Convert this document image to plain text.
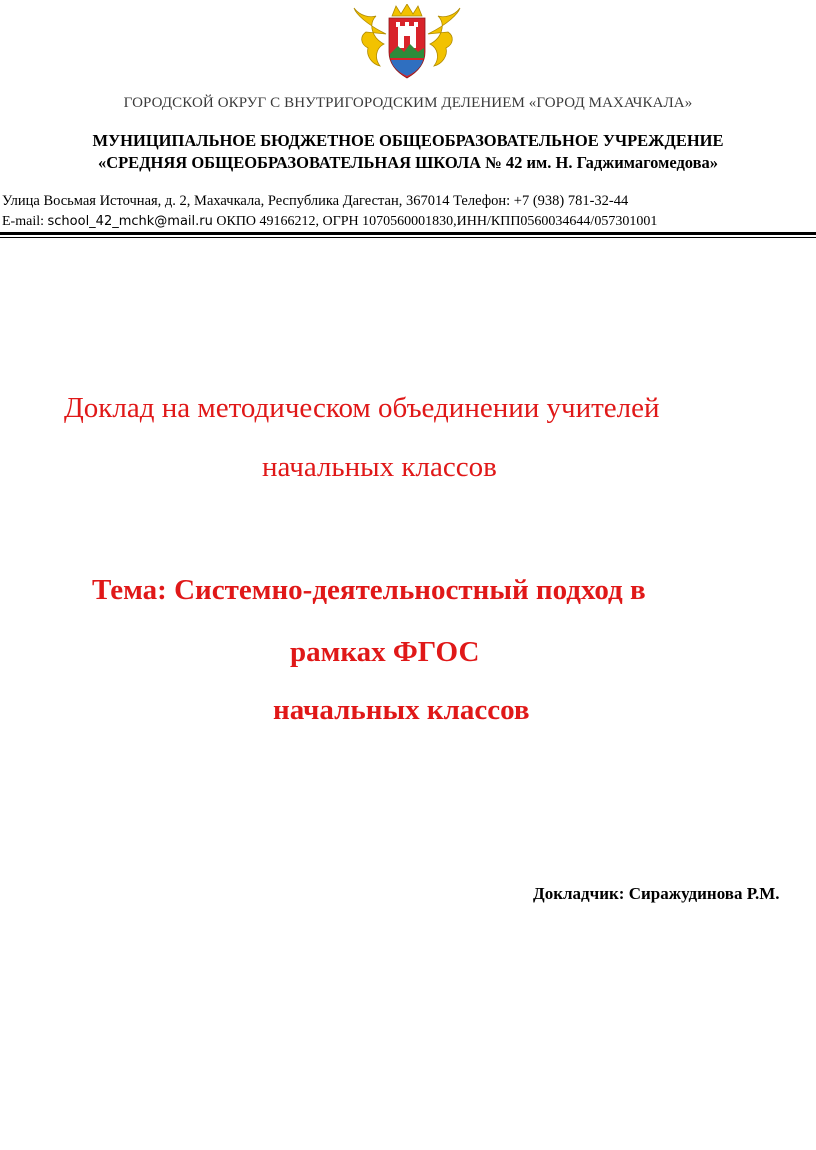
ГОРОДСКОЙ ОКРУГ С ВНУТРИГОРОДСКИМ ДЕЛЕНИЕМ «ГОРОД МАХАЧКАЛА»
МУНИЦИПАЛЬНОЕ БЮДЖЕТНОЕ ОБЩЕОБРАЗОВАТЕЛЬНОЕ УЧРЕЖДЕНИЕ
«СРЕДНЯЯ ОБЩЕОБРАЗОВАТЕЛЬНАЯ ШКОЛА № 42 им. Н. Гаджимагомедова»
Улица Восьмая Источная, д. 2, Махачкала, Республика Дагестан, 367014 Телефон: +7 (938) 781-32-44
E-mail: school_42_mchk@mail.ru ОКПО 49166212, ОГРН 1070560001830,ИНН/КПП0560034644/057301001
Доклад на методическом объединении учителей
начальных классов
Тема: Системно-деятельностный подход в
рамках ФГОС
начальных классов
Докладчик: Сиражудинова Р.М.
